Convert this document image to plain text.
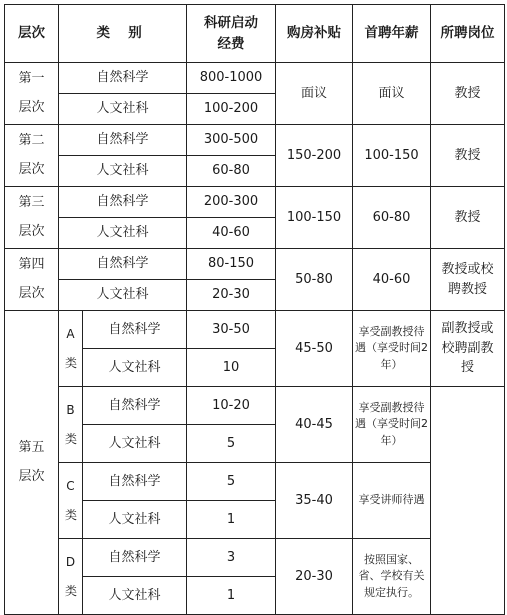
层次	类 别		科研启动经费	购房补贴	首聘年薪	所聘岗位
第一层次	自然科学		800-1000	面议	面议	教授
	人文社科		100-200			
第二层次	自然科学		300-500	150-200	100-150	教授
	人文社科		60-80			
第三层次	自然科学		200-300	100-150	60-80	教授
	人文社科		40-60			
第四层次	自然科学		80-150	50-80	40-60	教授或校聘教授
	人文社科		20-30			
第五层次	A类	自然科学	30-50	45-50	享受副教授待遇（享受时间2年）	副教授或校聘副教授
		人文社科	10			
	B类	自然科学	10-20	40-45	享受副教授待遇（享受时间2年）	
		人文社科	5			
	C类	自然科学	5	35-40	享受讲师待遇	
		人文社科	1			
	D类	自然科学	3	20-30	按照国家、省、学校有关规定执行。	
		人文社科	1			
